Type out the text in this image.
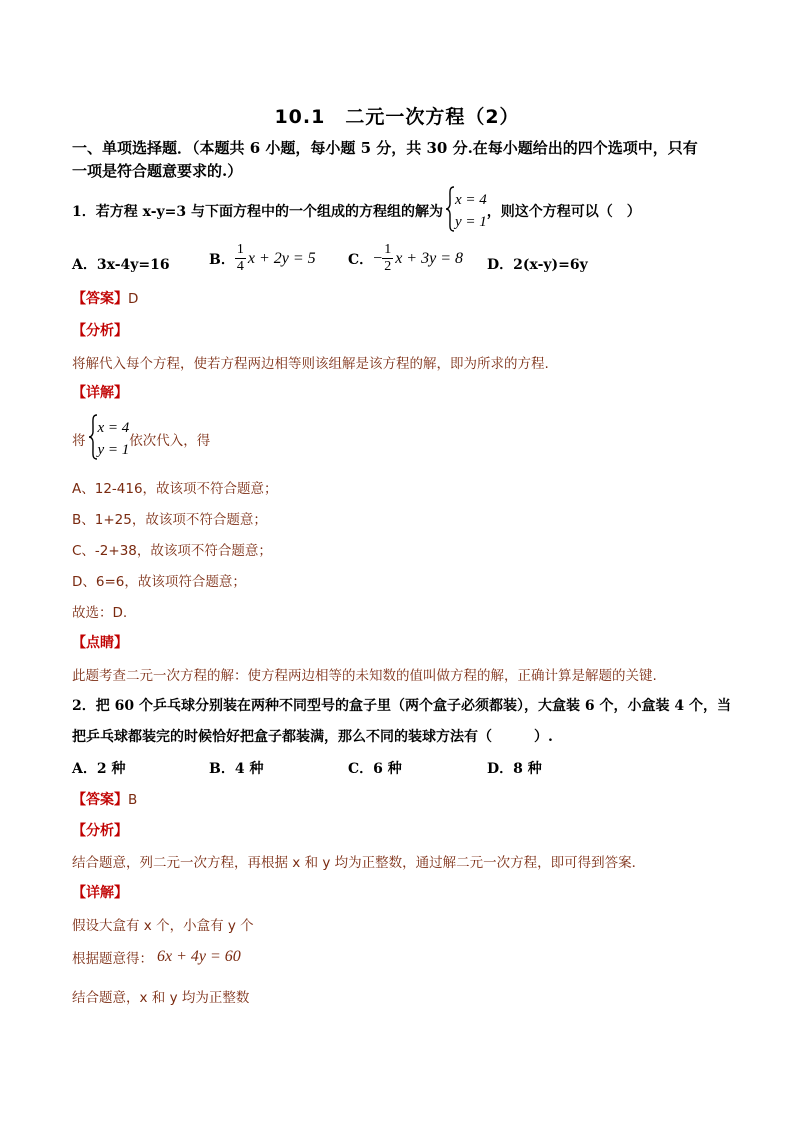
10.1　二元一次方程（2）
一、单项选择题．（本题共 6 小题，每小题 5 分，共 30 分.在每小题给出的四个选项中，只有
一项是符合题意要求的.）
1．若方程 x-y=3 与下面方程中的一个组成的方程组的解为
x = 4
y = 1
，则这个方程可以（　）
A．3x-4y=16	B． $\frac{1}{4}$ x + 2y = 5 C． − $\frac{1}{2}$ x + 3y = 8 D．2(x-y)=6y
【答案】D
【分析】
将解代入每个方程，使若方程两边相等则该组解是该方程的解，即为所求的方程.
【详解】
将
x = 4
y = 1
依次代入，得
A、12-416，故该项不符合题意；
B、1+25，故该项不符合题意；
C、-2+38，故该项不符合题意；
D、6=6，故该项符合题意；
故选：D.
【点睛】
此题考查二元一次方程的解：使方程两边相等的未知数的值叫做方程的解，正确计算是解题的关键.
2．把 60 个乒乓球分别装在两种不同型号的盒子里（两个盒子必须都装），大盒装 6 个，小盒装 4 个，当
把乒乓球都装完的时候恰好把盒子都装满，那么不同的装球方法有（　　　）.
A．2 种	B．4 种	C．6 种	D．8 种
【答案】B
【分析】
结合题意，列二元一次方程，再根据 x 和 y 均为正整数，通过解二元一次方程，即可得到答案．
【详解】
假设大盒有 x 个，小盒有 y 个
根据题意得： 6x + 4y = 60
结合题意，x 和 y 均为正整数
